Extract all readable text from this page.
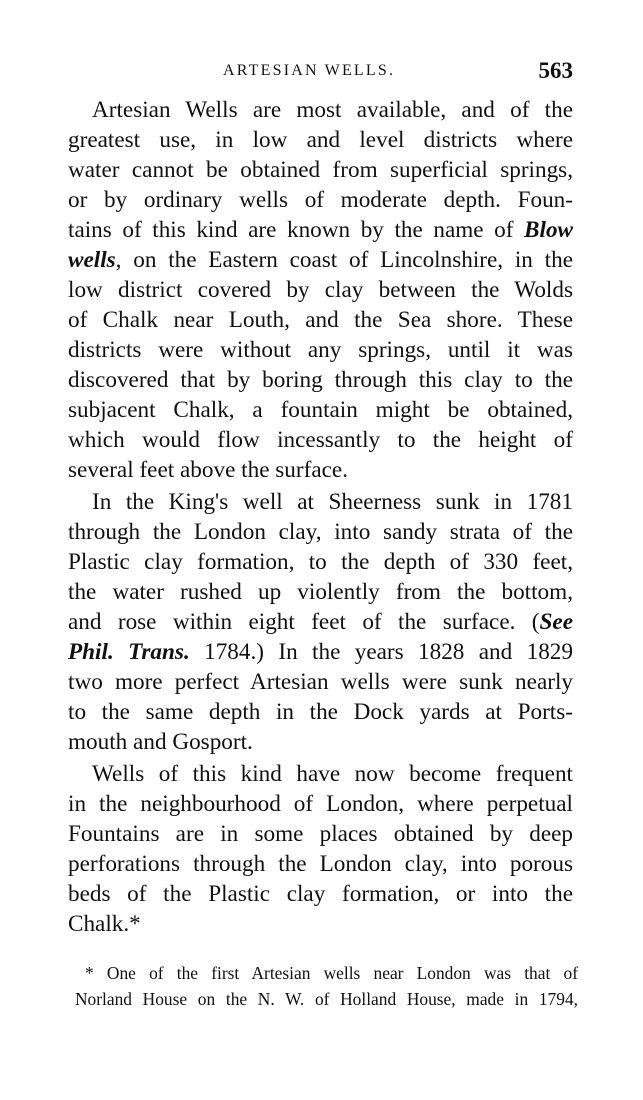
ARTESIAN WELLS.	563
Artesian Wells are most available, and of the
greatest use, in low and level districts where
water cannot be obtained from superficial springs,
or by ordinary wells of moderate depth. Foun-
tains of this kind are known by the name of Blow
wells, on the Eastern coast of Lincolnshire, in the
low district covered by clay between the Wolds
of Chalk near Louth, and the Sea shore. These
districts were without any springs, until it was
discovered that by boring through this clay to the
subjacent Chalk, a fountain might be obtained,
which would flow incessantly to the height of
several feet above the surface.
In the King's well at Sheerness sunk in 1781
through the London clay, into sandy strata of the
Plastic clay formation, to the depth of 330 feet,
the water rushed up violently from the bottom,
and rose within eight feet of the surface. (See
Phil. Trans. 1784.) In the years 1828 and 1829
two more perfect Artesian wells were sunk nearly
to the same depth in the Dock yards at Ports-
mouth and Gosport.
Wells of this kind have now become frequent
in the neighbourhood of London, where perpetual
Fountains are in some places obtained by deep
perforations through the London clay, into porous
beds of the Plastic clay formation, or into the
Chalk.*
* One of the first Artesian wells near London was that of
Norland House on the N. W. of Holland House, made in 1794,
